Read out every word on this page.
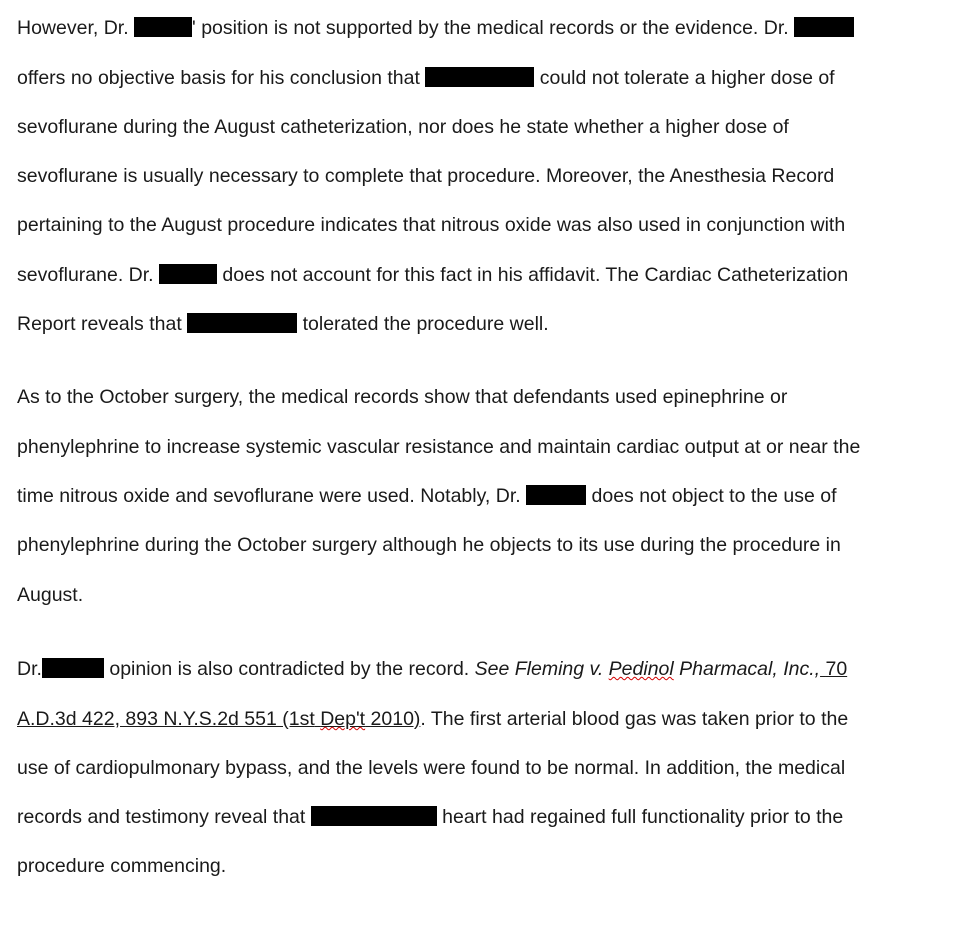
However, Dr.	' position is not supported by the medical records or the evidence. Dr.
offers no objective basis for his conclusion that	could not tolerate a higher dose of
sevoflurane during the August catheterization, nor does he state whether a higher dose of
sevoflurane is usually necessary to complete that procedure. Moreover, the Anesthesia Record
pertaining to the August procedure indicates that nitrous oxide was also used in conjunction with
sevoflurane. Dr.	does not account for this fact in his affidavit. The Cardiac Catheterization
Report reveals that	tolerated the procedure well.
As to the October surgery, the medical records show that defendants used epinephrine or
phenylephrine to increase systemic vascular resistance and maintain cardiac output at or near the
time nitrous oxide and sevoflurane were used. Notably, Dr.	does not object to the use of
phenylephrine during the October surgery although he objects to its use during the procedure in
August.
Dr.	opinion is also contradicted by the record. See Fleming v. Pedinol Pharmacal, Inc., 70
A.D.3d 422, 893 N.Y.S.2d 551 (1st Dep't 2010). The first arterial blood gas was taken prior to the
use of cardiopulmonary bypass, and the levels were found to be normal. In addition, the medical
records and testimony reveal that	heart had regained full functionality prior to the
procedure commencing.
